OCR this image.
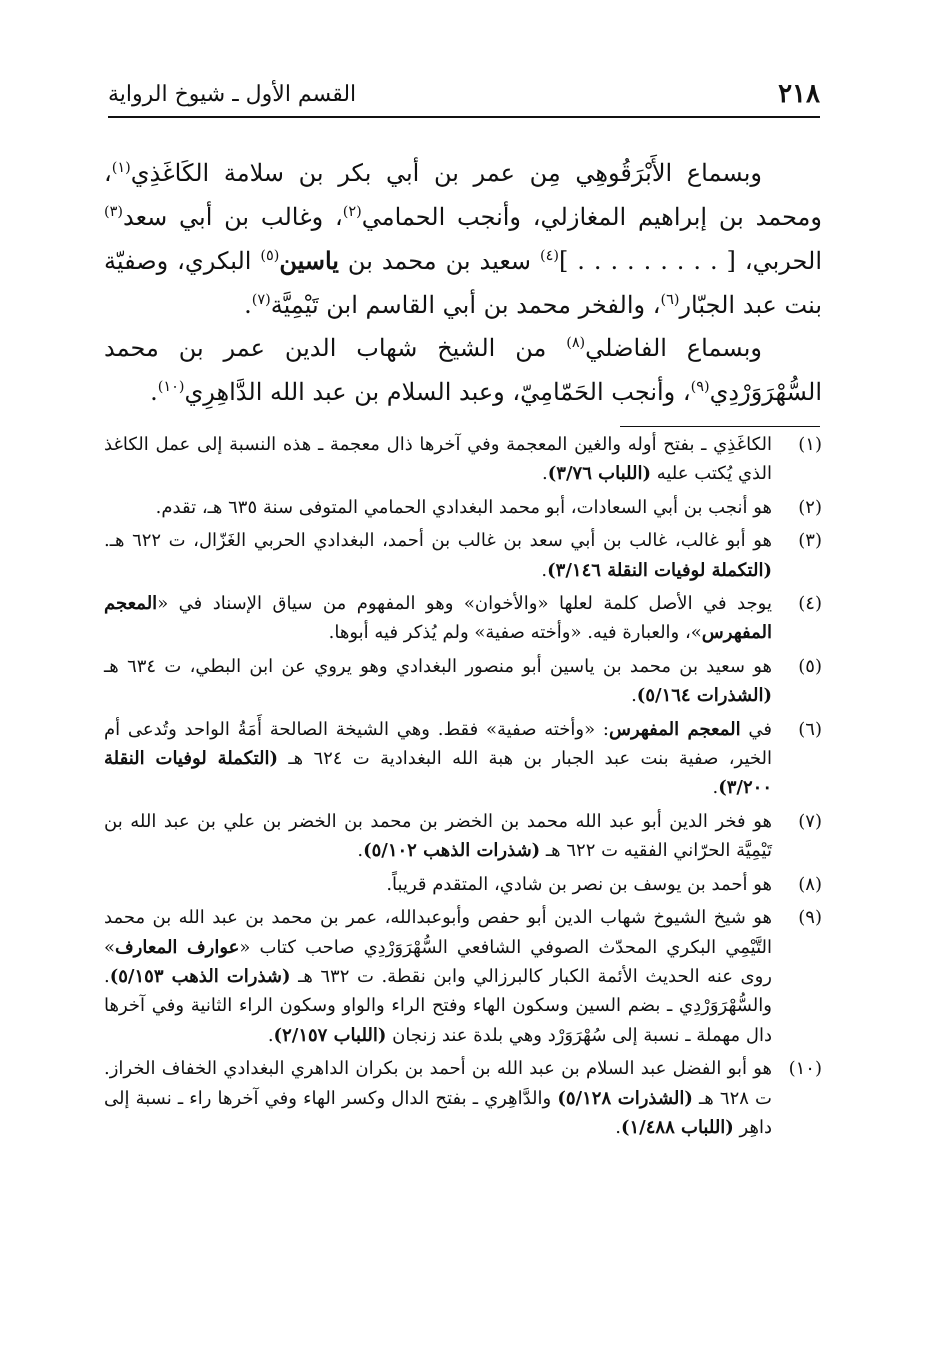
٢١٨
القسم الأول ـ شيوخ الرواية

وبسماع الأَبْرَقُوهِي مِن عمر بن أبي بكر بن سلامة الكَاغَذِي$^{(١)}$، ومحمد بن إبراهيم المغازلي، وأنجب الحمامي$^{(٢)}$، وغالب بن أبي سعد$^{(٣)}$ الحربي، [ . . . . . . . . . ]$^{(٤)}$ سعيد بن محمد بن ياسين$^{(٥)}$ البكري، وصفيّة بنت عبد الجبّار$^{(٦)}$، والفخر محمد بن أبي القاسم ابن تَيْمِيَّة$^{(٧)}$.

وبسماع الفاضلي$^{(٨)}$ من الشيخ شهاب الدين عمر بن محمد السُّهْرَوَرْدِي$^{(٩)}$، وأنجب الحَمّامِيّ، وعبد السلام بن عبد الله الدَّاهِرِي$^{(١٠)}$.

(١)
الكاغَذِي ـ بفتح أوله والغين المعجمة وفي آخرها ذال معجمة ـ هذه النسبة إلى عمل الكاغذ الذي يُكتب عليه (اللباب ٣/٧٦).
(٢)
هو أنجب بن أبي السعادات، أبو محمد البغدادي الحمامي المتوفى سنة ٦٣٥ هـ، تقدم.
(٣)
هو أبو غالب، غالب بن أبي سعد بن غالب بن أحمد، البغدادي الحربي الغَزّال، ت ٦٢٢ هـ. (التكملة لوفيات النقلة ٣/١٤٦).
(٤)
يوجد في الأصل كلمة لعلها «والأخوان» وهو المفهوم من سياق الإسناد في «المعجم المفهرس»، والعبارة فيه. «وأخته صفية» ولم يُذكر فيه أبوها.
(٥)
هو سعيد بن محمد بن ياسين أبو منصور البغدادي وهو يروي عن ابن البطي، ت ٦٣٤ هـ (الشذرات ٥/١٦٤).
(٦)
في المعجم المفهرس: «وأخته صفية» فقط. وهي الشيخة الصالحة أَمَةُ الواحد وتُدعى أم الخير، صفية بنت عبد الجبار بن هبة الله البغدادية ت ٦٢٤ هـ (التكملة لوفيات النقلة ٣/٢٠٠).
(٧)
هو فخر الدين أبو عبد الله محمد بن الخضر بن محمد بن الخضر بن علي بن عبد الله بن تَيْمِيَّة الحرّاني الفقيه ت ٦٢٢ هـ (شذرات الذهب ٥/١٠٢).
(٨)
هو أحمد بن يوسف بن نصر بن شادي، المتقدم قريباً.
(٩)
هو شيخ الشيوخ شهاب الدين أبو حفص وأبوعبدالله، عمر بن محمد بن عبد الله بن محمد التَّيْمِي البكري المحدّث الصوفي الشافعي السُّهْرَوَرْدِي صاحب كتاب «عوارف المعارف» روى عنه الحديث الأئمة الكبار كالبرزالي وابن نقطة. ت ٦٣٢ هـ (شذرات الذهب ٥/١٥٣). والسُّهْرَوَرْدِي ـ بضم السين وسكون الهاء وفتح الراء والواو وسكون الراء الثانية وفي آخرها دال مهملة ـ نسبة إلى سُهْرَوَرْد وهي بلدة عند زنجان (اللباب ٢/١٥٧).
(١٠)
هو أبو الفضل عبد السلام بن عبد الله بن أحمد بن بكران الداهري البغدادي الخفاف الخراز. ت ٦٢٨ هـ (الشذرات ٥/١٢٨) والدَّاهِري ـ بفتح الدال وكسر الهاء وفي آخرها راء ـ نسبة إلى داهِر (اللباب ١/٤٨٨).
